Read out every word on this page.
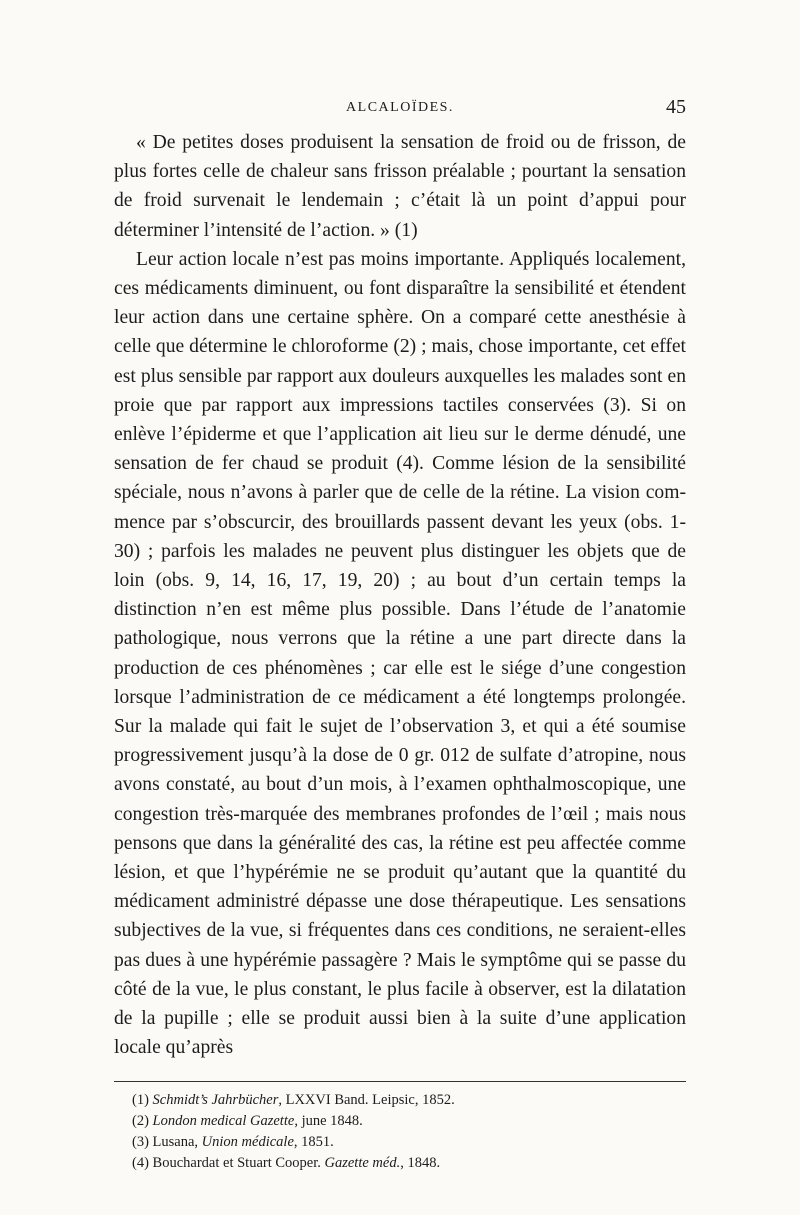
ALCALOÏDES.	45

« De petites doses produisent la sensation de froid ou de frisson, de plus fortes celle de chaleur sans frisson préalable ; pourtant la sensation de froid survenait le lendemain ; c’était là un point d’appui pour déterminer l’intensité de l’action. » (1)

Leur action locale n’est pas moins importante. Appliqués localement, ces médicaments diminuent, ou font disparaître la sensibilité et étendent leur action dans une certaine sphère. On a comparé cette anesthésie à celle que détermine le chloroforme (2) ; mais, chose importante, cet effet est plus sensible par rapport aux douleurs auxquelles les malades sont en proie que par rapport aux impressions tactiles conservées (3). Si on enlève l’épiderme et que l’application ait lieu sur le derme dénudé, une sensation de fer chaud se produit (4). Comme lésion de la sensibilité spéciale, nous n’avons à parler que de celle de la rétine. La vision commence par s’obscurcir, des brouillards passent devant les yeux (obs. 1-30) ; parfois les malades ne peuvent plus distinguer les objets que de loin (obs. 9, 14, 16, 17, 19, 20) ; au bout d’un certain temps la distinction n’en est même plus possible. Dans l’étude de l’anatomie pathologique, nous verrons que la rétine a une part directe dans la production de ces phénomènes ; car elle est le siége d’une congestion lorsque l’administration de ce médicament a été longtemps prolongée. Sur la malade qui fait le sujet de l’observation 3, et qui a été soumise progressivement jusqu’à la dose de 0 gr. 012 de sulfate d’atropine, nous avons constaté, au bout d’un mois, à l’examen ophthalmoscopique, une congestion très-marquée des membranes profondes de l’œil ; mais nous pensons que dans la généralité des cas, la rétine est peu affectée comme lésion, et que l’hypérémie ne se produit qu’autant que la quantité du médicament administré dépasse une dose thérapeutique. Les sensations subjectives de la vue, si fréquentes dans ces conditions, ne seraient-elles pas dues à une hypérémie passagère ? Mais le symptôme qui se passe du côté de la vue, le plus constant, le plus facile à observer, est la dilatation de la pupille ; elle se produit aussi bien à la suite d’une application locale qu’après

(1) Schmidt’s Jahrbücher, LXXVI Band. Leipsic, 1852.
(2) London medical Gazette, june 1848.
(3) Lusana, Union médicale, 1851.
(4) Bouchardat et Stuart Cooper. Gazette méd., 1848.
